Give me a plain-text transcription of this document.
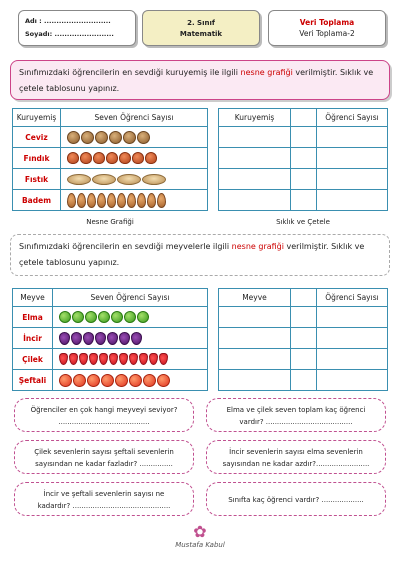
Adı : ...........................
Soyadı: ........................
2. Sınıf
Matematik
Veri Toplama
Veri Toplama-2
Sınıfımızdaki öğrencilerin en sevdiği kuruyemiş ile ilgili nesne grafiği verilmiştir. Sıklık ve çetele tablosunu yapınız.
Kuruyemiş	Seven Öğrenci Sayısı
Ceviz	
Fındık	
Fıstık	
Badem	
Nesne Grafiği
Kuruyemiş		Öğrenci Sayısı

Sıklık ve Çetele
Sınıfımızdaki öğrencilerin en sevdiği meyvelerle ilgili nesne grafiği verilmiştir. Sıklık ve çetele tablosunu yapınız.
Meyve	Seven Öğrenci Sayısı
Elma	
İncir	
Çilek	
Şeftali	
Meyve		Öğrenci Sayısı

Öğrenciler en çok hangi meyveyi seviyor?
.........................................
Elma ve çilek seven toplam kaç öğrenci
vardır? .......................................
Çilek sevenlerin sayısı şeftali sevenlerin
sayısından ne kadar fazladır? ...............
İncir sevenlerin sayısı elma sevenlerin
sayısından ne kadar azdır?........................
İncir ve şeftali sevenlerin sayısı ne
kadardır? ............................................
Sınıfta kaç öğrenci vardır? ...................
✿
Mustafa Kabul
